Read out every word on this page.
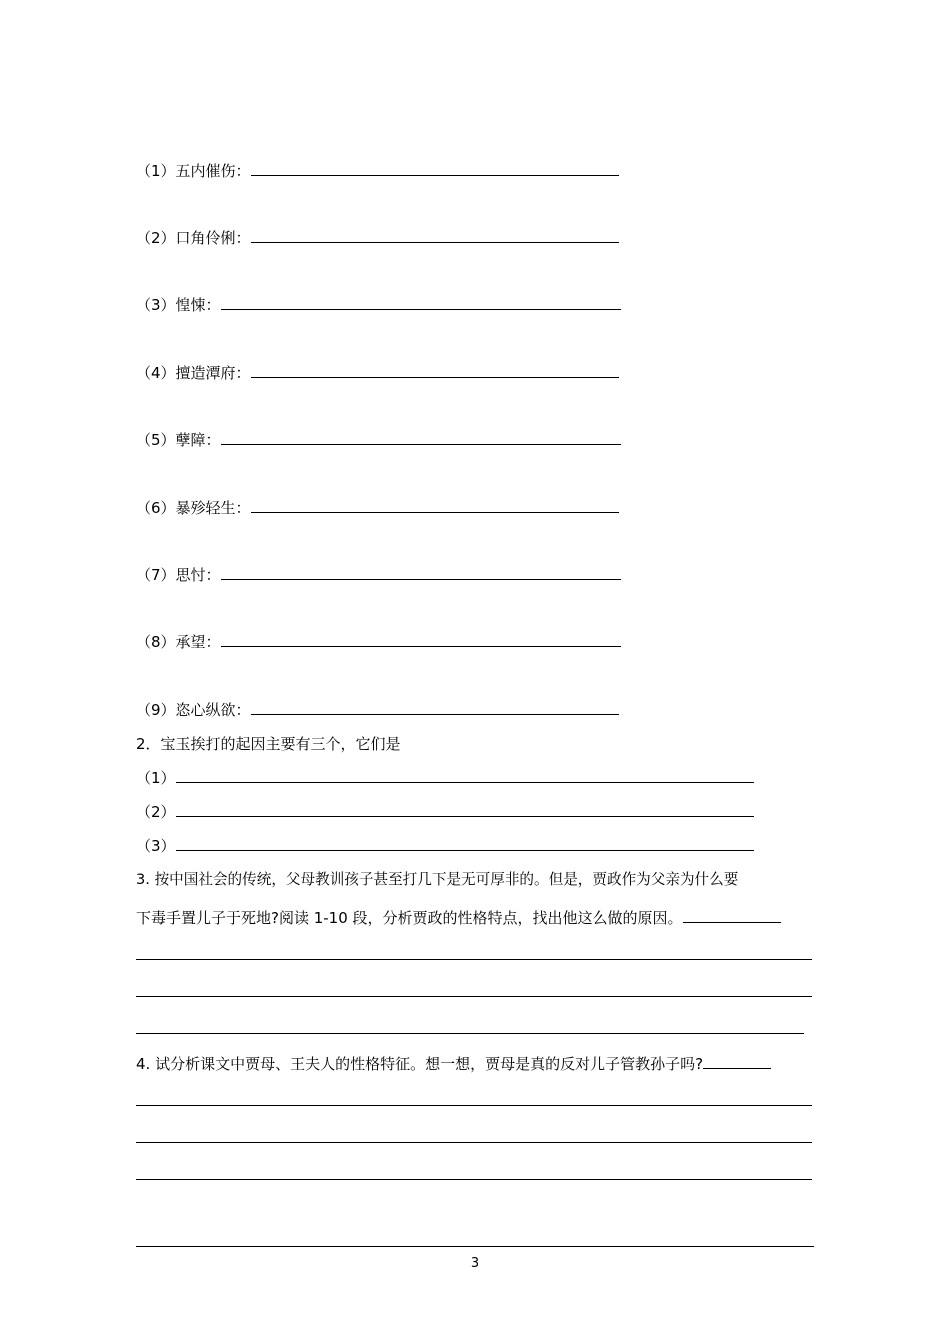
（1）五内催伤：
（2）口角伶俐：
（3）惶悚：
（4）擅造潭府：
（5）孽障：
（6）暴殄轻生：
（7）思忖：
（8）承望：
（9）恣心纵欲：
2．宝玉挨打的起因主要有三个，它们是
（1）
（2）
（3）
3. 按中国社会的传统，父母教训孩子甚至打几下是无可厚非的。但是，贾政作为父亲为什么要
下毒手置儿子于死地?阅读 1-10 段，分析贾政的性格特点，找出他这么做的原因。
4. 试分析课文中贾母、王夫人的性格特征。想一想，贾母是真的反对儿子管教孙子吗?
3
